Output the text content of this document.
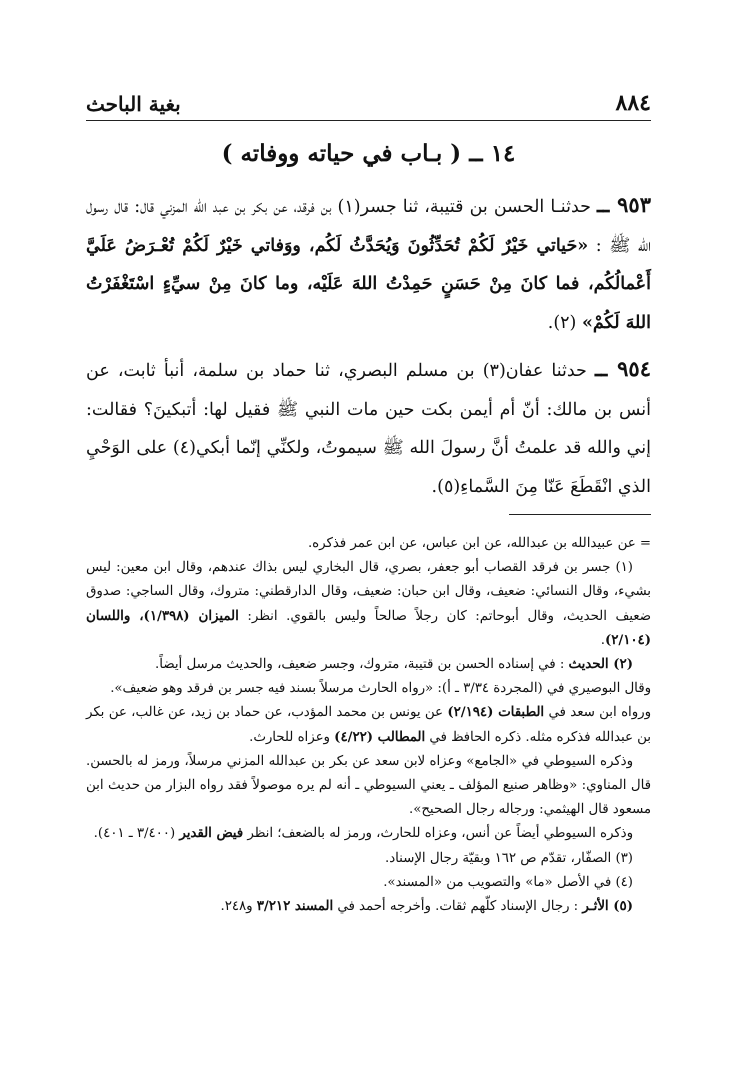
٨٨٤
بغية الباحث
١٤ ــ ( بـاب في حياته ووفاته )

٩٥٣ ــ حدثنـا الحسن بن قتيبة، ثنا جسر(١) بن فرقد، عن بكر بن عبد الله المزني قال: قال رسول الله ﷺ : «حَياتي خَيْرٌ لَكُمْ تُحَدِّثُونَ وَيُحَدَّثُ لَكُم، ووَفاتي خَيْرٌ لَكُمْ تُعْـرَضُ عَلَيَّ أَعْمالُكُم، فما كانَ مِنْ حَسَنٍ حَمِدْتُ اللهَ عَلَيْه، وما كانَ مِنْ سيِّءٍ اسْتَغْفَرْتُ اللهَ لَكُمْ» (٢).

٩٥٤ ــ حدثنا عفان(٣) بن مسلم البصري، ثنا حماد بن سلمة، أنبأ ثابت، عن أنس بن مالك: أنّ أم أيمن بكت حين مات النبي ﷺ فقيل لها: أتبكينَ؟ فقالت: إني والله قد علمتُ أنَّ رسولَ الله ﷺ سيموتُ، ولكنِّي إنّما أبكي(٤) على الوَحْيِ الذي انْقَطَعَ عَنّا مِنَ السَّماءِ(٥).

= عن عبيدالله بن عبدالله، عن ابن عباس، عن ابن عمر فذكره.

(١) جسر بن فرقد القصاب أبو جعفر، بصري، قال البخاري ليس بذاك عندهم، وقال ابن معين: ليس بشيء، وقال النسائي: ضعيف، وقال ابن حبان: ضعيف، وقال الدارقطني: متروك، وقال الساجي: صدوق ضعيف الحديث، وقال أبوحاتم: كان رجلاً صالحاً وليس بالقوي. انظر: الميزان (١/٣٩٨)، واللسان (٢/١٠٤).

(٢) الحديث : في إسناده الحسن بن قتيبة، متروك، وجسر ضعيف، والحديث مرسل أيضاً.

وقال البوصيري في (المجردة ٣/٣٤ ـ أ): «رواه الحارث مرسلاً بسند فيه جسر بن فرقد وهو ضعيف».

ورواه ابن سعد في الطبقات (٢/١٩٤) عن يونس بن محمد المؤدب، عن حماد بن زيد، عن غالب، عن بكر بن عبدالله فذكره مثله. ذكره الحافظ في المطالب (٤/٢٢) وعزاه للحارث.

وذكره السيوطي في «الجامع» وعزاه لابن سعد عن بكر بن عبدالله المزني مرسلاً، ورمز له بالحسن. قال المناوي: «وظاهر صنيع المؤلف ـ يعني السيوطي ـ أنه لم يره موصولاً فقد رواه البزار من حديث ابن مسعود قال الهيثمي: ورجاله رجال الصحيح».

وذكره السيوطي أيضاً عن أنس، وعزاه للحارث، ورمز له بالضعف؛ انظر فيض القدير (٣/٤٠٠ ـ ٤٠١).

(٣) الصفّار، تقدّم ص ١٦٢ وبقيّة رجال الإسناد.

(٤) في الأصل «ما» والتصويب من «المسند».

(٥) الأثـر : رجال الإسناد كلّهم ثقات. وأخرجه أحمد في المسند ٣/٢١٢ و٢٤٨.
